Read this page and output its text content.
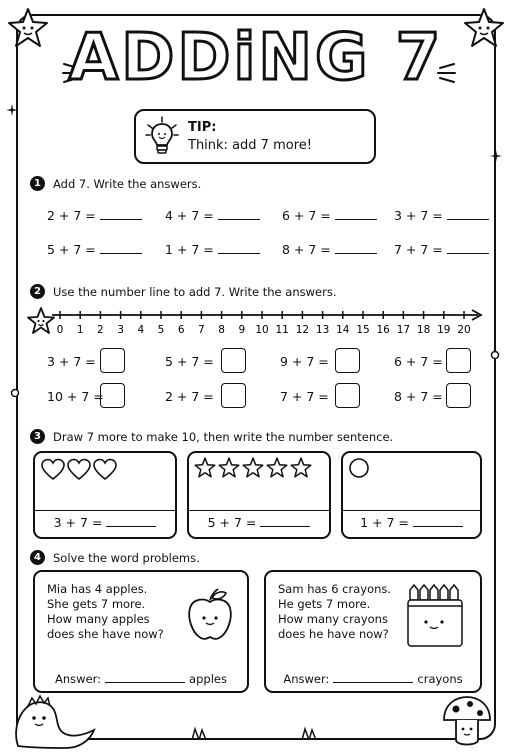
ADDiNG 7
TIP:
Think: add 7 more!
1	Add 7. Write the answers.
2 + 7 =	4 + 7 =	6 + 7 =	3 + 7 =
5 + 7 =	1 + 7 =	8 + 7 =	7 + 7 =
2	Use the number line to add 7. Write the answers.
0 1 2 3 4 5 6 7 8 9 10 11 12 13 14 15 16 17 18 19 20
3 + 7 =	5 + 7 =	9 + 7 =	6 + 7 =
10 + 7 =	2 + 7 =	7 + 7 =	8 + 7 =
3	Draw 7 more to make 10, then write the number sentence.
3 + 7 =	5 + 7 =	1 + 7 =
4	Solve the word problems.
Mia has 4 apples.
She gets 7 more.
How many apples
does she have now?
Answer:	apples
Sam has 6 crayons.
He gets 7 more.
How many crayons
does he have now?
Answer:	crayons
